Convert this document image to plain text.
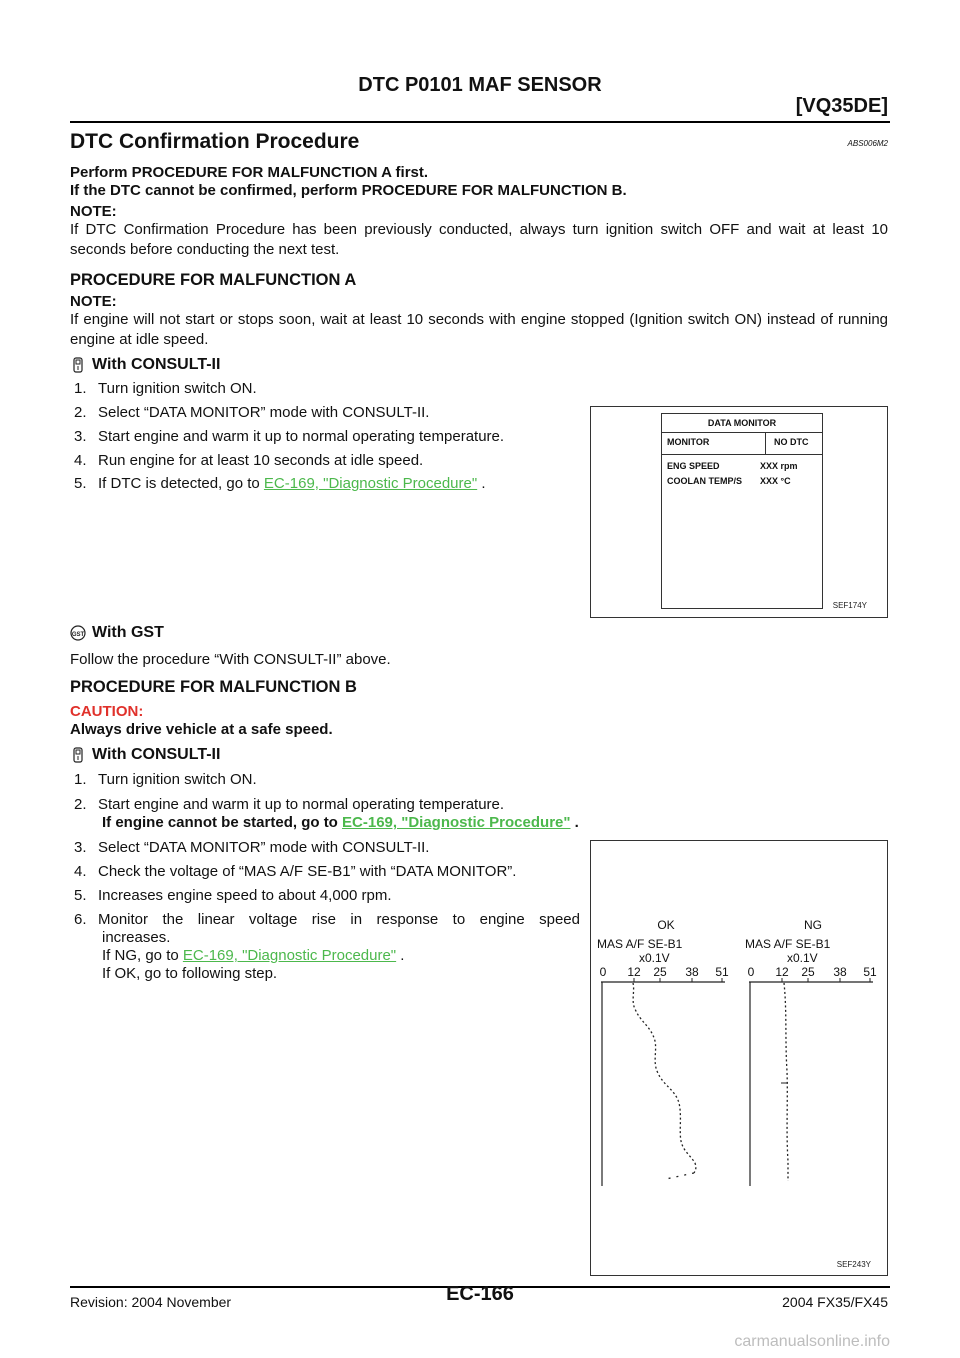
DTC P0101 MAF SENSOR
[VQ35DE]
DTC Confirmation Procedure	ABS006M2
Perform PROCEDURE FOR MALFUNCTION A first.
If the DTC cannot be confirmed, perform PROCEDURE FOR MALFUNCTION B.
NOTE:
If DTC Confirmation Procedure has been previously conducted, always turn ignition switch OFF and wait at least 10 seconds before conducting the next test.
PROCEDURE FOR MALFUNCTION A
NOTE:
If engine will not start or stops soon, wait at least 10 seconds with engine stopped (Ignition switch ON) instead of running engine at idle speed.
With CONSULT-II
1. Turn ignition switch ON.
2. Select “DATA MONITOR” mode with CONSULT-II.
3. Start engine and warm it up to normal operating temperature.
4. Run engine for at least 10 seconds at idle speed.
5. If DTC is detected, go to EC-169, "Diagnostic Procedure" .
DATA MONITOR
MONITOR	NO DTC
ENG SPEED	XXX rpm
COOLAN TEMP/S XXX °C
SEF174Y
GST With GST
Follow the procedure “With CONSULT-II” above.
PROCEDURE FOR MALFUNCTION B
CAUTION:
Always drive vehicle at a safe speed.
With CONSULT-II
1. Turn ignition switch ON.
2. Start engine and warm it up to normal operating temperature.
If engine cannot be started, go to EC-169, "Diagnostic Procedure" .
3. Select “DATA MONITOR” mode with CONSULT-II.
4. Check the voltage of “MAS A/F SE-B1” with “DATA MONITOR”.
5. Increases engine speed to about 4,000 rpm.
6. Monitor the linear voltage rise in response to engine speed
increases.
If NG, go to EC-169, "Diagnostic Procedure" .
If OK, go to following step.
OK
MAS A/F SE-B1
x0.1V
0 12 25 38 51
NG
MAS A/F SE-B1
x0.1V
0 12 25 38 51
SEF243Y
Revision: 2004 November	EC-166	2004 FX35/FX45
carmanualsonline.info
